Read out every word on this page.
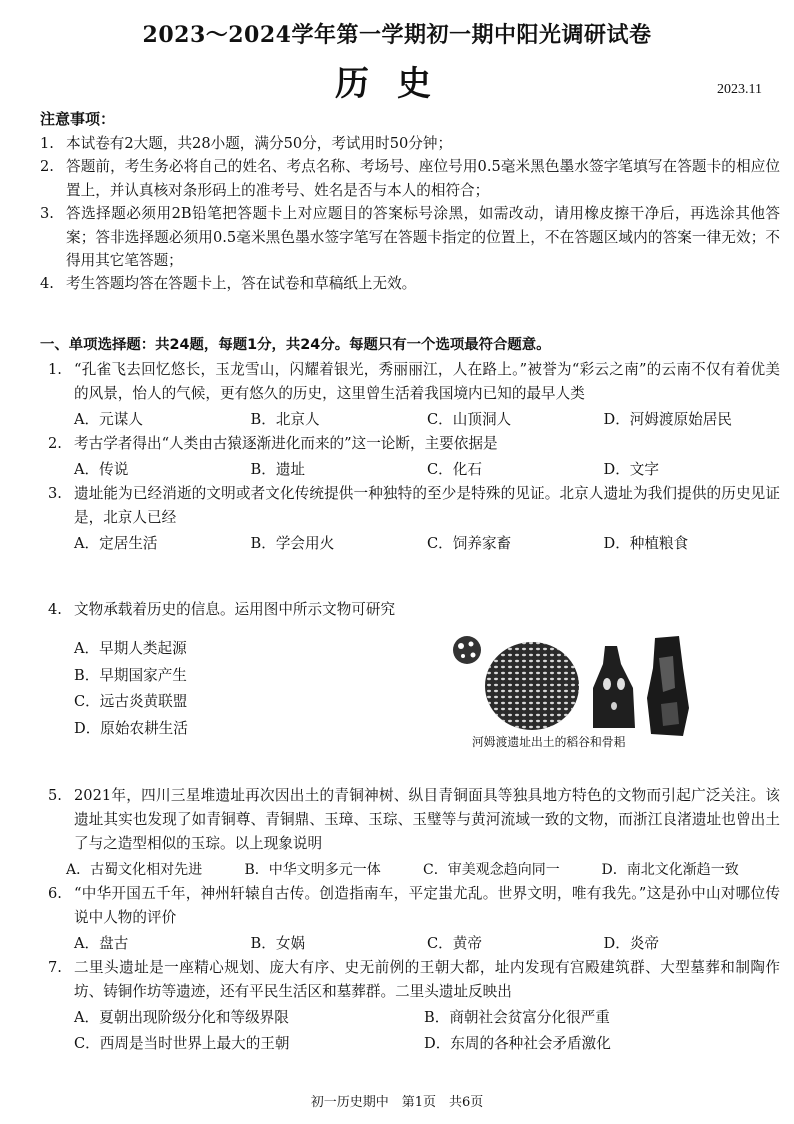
2023～2024学年第一学期初一期中阳光调研试卷
历史	2023.11
注意事项：
1. 本试卷有2大题，共28小题，满分50分，考试用时50分钟；
2. 答题前，考生务必将自己的姓名、考点名称、考场号、座位号用0.5毫米黑色墨水签字笔填写在答题卡的相应位置上，并认真核对条形码上的准考号、姓名是否与本人的相符合；
3. 答选择题必须用2B铅笔把答题卡上对应题目的答案标号涂黑，如需改动，请用橡皮擦干净后，再选涂其他答案；答非选择题必须用0.5毫米黑色墨水签字笔写在答题卡指定的位置上，不在答题区域内的答案一律无效；不得用其它笔答题；
4. 考生答题均答在答题卡上，答在试卷和草稿纸上无效。
一、单项选择题：共24题，每题1分，共24分。每题只有一个选项最符合题意。
1. “孔雀飞去回忆悠长，玉龙雪山，闪耀着银光，秀丽丽江，人在路上。”被誉为“彩云之南”的云南不仅有着优美的风景，怡人的气候，更有悠久的历史，这里曾生活着我国境内已知的最早人类
A．元谋人	B．北京人	C．山顶洞人	D．河姆渡原始居民
2. 考古学者得出“人类由古猿逐渐进化而来的”这一论断，主要依据是
A．传说	B．遗址	C．化石	D．文字
3. 遗址能为已经消逝的文明或者文化传统提供一种独特的至少是特殊的见证。北京人遗址为我们提供的历史见证是，北京人已经
A．定居生活	B．学会用火	C．饲养家畜	D．种植粮食
4. 文物承载着历史的信息。运用图中所示文物可研究
A．早期人类起源
B．早期国家产生
C．远古炎黄联盟
D．原始农耕生活
河姆渡遗址出土的稻谷和骨耜
5. 2021年，四川三星堆遗址再次因出土的青铜神树、纵目青铜面具等独具地方特色的文物而引起广泛关注。该遗址其实也发现了如青铜尊、青铜鼎、玉璋、玉琮、玉璧等与黄河流域一致的文物，而浙江良渚遗址也曾出土了与之造型相似的玉琮。以上现象说明
A．古蜀文化相对先进	B．中华文明多元一体	C．审美观念趋向同一	D．南北文化渐趋一致
6. “中华开国五千年，神州轩辕自古传。创造指南车，平定蚩尤乱。世界文明，唯有我先。”这是孙中山对哪位传说中人物的评价
A．盘古	B．女娲	C．黄帝	D．炎帝
7. 二里头遗址是一座精心规划、庞大有序、史无前例的王朝大都，址内发现有宫殿建筑群、大型墓葬和制陶作坊、铸铜作坊等遗迹，还有平民生活区和墓葬群。二里头遗址反映出
A．夏朝出现阶级分化和等级界限	B．商朝社会贫富分化很严重
C．西周是当时世界上最大的王朝	D．东周的各种社会矛盾激化
初一历史期中　第1页　共6页
